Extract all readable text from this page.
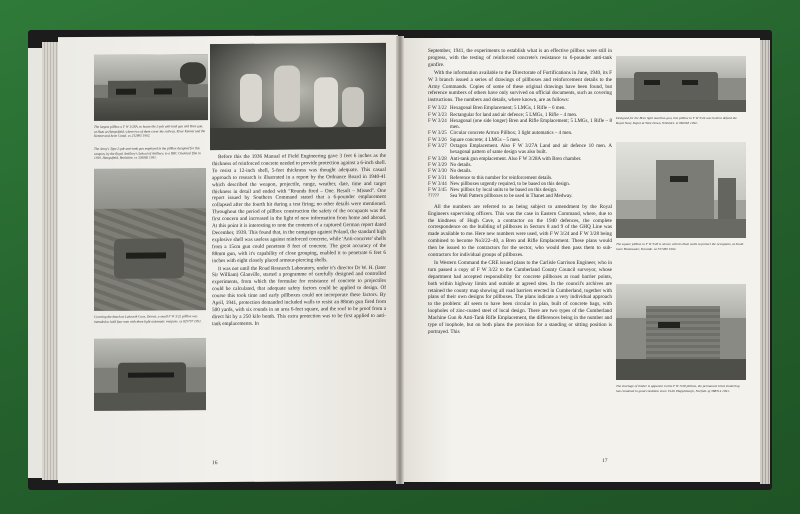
The largest pillbox a F W 3/28A, to house the 2-pdr anti-tank gun and Bren gun, at Ham at Hempsfield, where two of them cover the railway, River Kennet and the Kennet and Avon Canal. cs 232895 1992.
The Army's Type 2-pdr anti-tank gun employed in the pillbox designed for this weapon, by the Royal Artillery's School of Artillery, to a BBC Chemical film in 1939. Hempsfield, Berkshire. cs 320885 1991.
Covering the beach at Lulworth Cove, Dorset, a small F W 3/22 pillbox was intended to hold four men with three light automatic weapons. sy 825797 1991.

Before this the 1936 Manual of Field Engineering gave 3 feet 6 inches as the thickness of reinforced concrete needed to provide protection against a 6-inch shell. To resist a 12-inch shell, 5-feet thickness was thought adequate. This casual approach to research is illustrated in a report by the Ordnance Board in 1940-41 which described the weapon, projectile, range, weather, date, time and target thickness in detail and ended with "Rounds fired – One. Result – Missed". One report issued by Southern Command stated that a 6-pounder emplacement collapsed after the fourth hit during a test firing; no other details were mentioned. Throughout the period of pillbox construction the safety of the occupants was the first concern and increased in the light of new information from home and abroad. At this point it is interesting to note the contents of a captured German report dated December, 1939. This found that, in the campaign against Poland, the standard high explosive shell was useless against reinforced concrete, while 'Anti-concrete' shells from a 15cm gun could penetrate 8 feet of concrete. The great accuracy of the 88mm gun, with it's capability of close grouping, enabled it to penetrate 6 feet 6 inches with eight closely placed armour-piercing shells.

It was not until the Road Research Laboratory, under it's director Dr W. H. (later Sir William) Glanville, started a programme of carefully designed and controlled experiments, from which the formulae for resistance of concrete to projectiles could be calculated, that adequate safety factors could be applied to design. Of course this took time and early pillboxes could not incorporate these factors. By April, 1941, protection demanded included walls to resist an 88mm gun fired from 500 yards, with six rounds in an area 6-feet square, and the roof to be proof from a direct hit by a 250 kilo bomb. This extra protection was to be first applied to anti-tank emplacements. In

16

September, 1941, the experiments to establish what is an effective pillbox were still in progress, with the testing of reinforced concrete's resistance to 6-pounder anti-tank gunfire.

With the information available to the Directorate of Fortifications in June, 1940, its F W 3 branch issued a series of drawings of pillboxes and reinforcement details to the Army Commands. Copies of some of these original drawings have been found, but reference numbers of others have only survived on official documents, such as covering instructions. The numbers and details, where known, are as follows:

F W 3/22 Hexagonal Bren Emplacement; 5 LMGs, 1 Rifle – 6 men.
F W 3/23 Rectangular for land and air defence; 5 LMGs, 1 Rifle – 4 men.
F W 3/24 Hexagonal (one side longer) Bren and Rifle Emplacement; 5 LMGs, 1 Rifle – 8 men.
F W 3/25 Circular concrete Armco Pillbox; 3 light automatics – 4 men.
F W 3/26 Square concrete; 4 LMGs – 5 men.
F W 3/27 Octagon Emplacement. Also F W 3/27A Land and air defence 10 men. A hexagonal pattern of same design was also built.
F W 3/28 Anti-tank gun emplacement. Also F W 3/28A with Bren chamber.
F W 3/29 No details.
F W 3/30 No details.
F W 3/31 Reference to this number for reinforcement details.
F W 3/44 New pillboxes urgently required, to be based on this design.
F W 3/45 New pillbox by local units to be based on this design.
?????	Sea Wall Pattern pillboxes to be used in Thanet and Medway.

All the numbers are referred to as being subject to amendment by the Royal Engineers supervising officers. This was the case in Eastern Command, where, due to the kindness of Hugh Cave, a contractor on the 1940 defences, the complete correspondence on the building of pillboxes in Sectors 8 and 9 of the GHQ Line was made available to me. Here new numbers were used, with F W 3/24 and F W 3/28 being combined to become No3/22–40, a Bren and Rifle Emplacement. These plans would then be issued to the contractors for the sector, who would then pass them to sub-contractors for individual groups of pillboxes.

In Western Command the CRE issued plans to the Carlisle Garrison Engineer, who in turn passed a copy of F W 3/22 to the Cumberland County Council surveyor, whose department had accepted responsibility for concrete pillboxes at road barrier points, both within highway limits and outside at agreed sites. In the council's archives are retained the county map showing all road barriers erected in Cumberland, together with plans of their own designs for pillboxes. The plans indicate a very individual approach to the problem: all seem to have been circular in plan, built of concrete bags, with loopholes of zinc-coated steel of local design. There are two types of the Cumberland Machine Gun & Anti-Tank Rifle Emplacement, the differences being in the number and type of loophole, but on both plans the provision for a standing or sitting position is portrayed. This

Designed for the Bren light machine-gun, this pillbox to F W 3/24 was built to defend the Royal Navy Depot at West Down, Wiltshire. st 082063 1992.
The square pillbox to F W 3/26 is shown with its blast walls to protect the occupants, at South Gare Breakwater, Teesside. nz 557280 1992.
The shortage of timber is apparent in this F W 3/28 pillbox, the permanent brick shuttering has remained in good condition since 1940. Happisburgh, Norfolk. tg 388314 1991.
17
